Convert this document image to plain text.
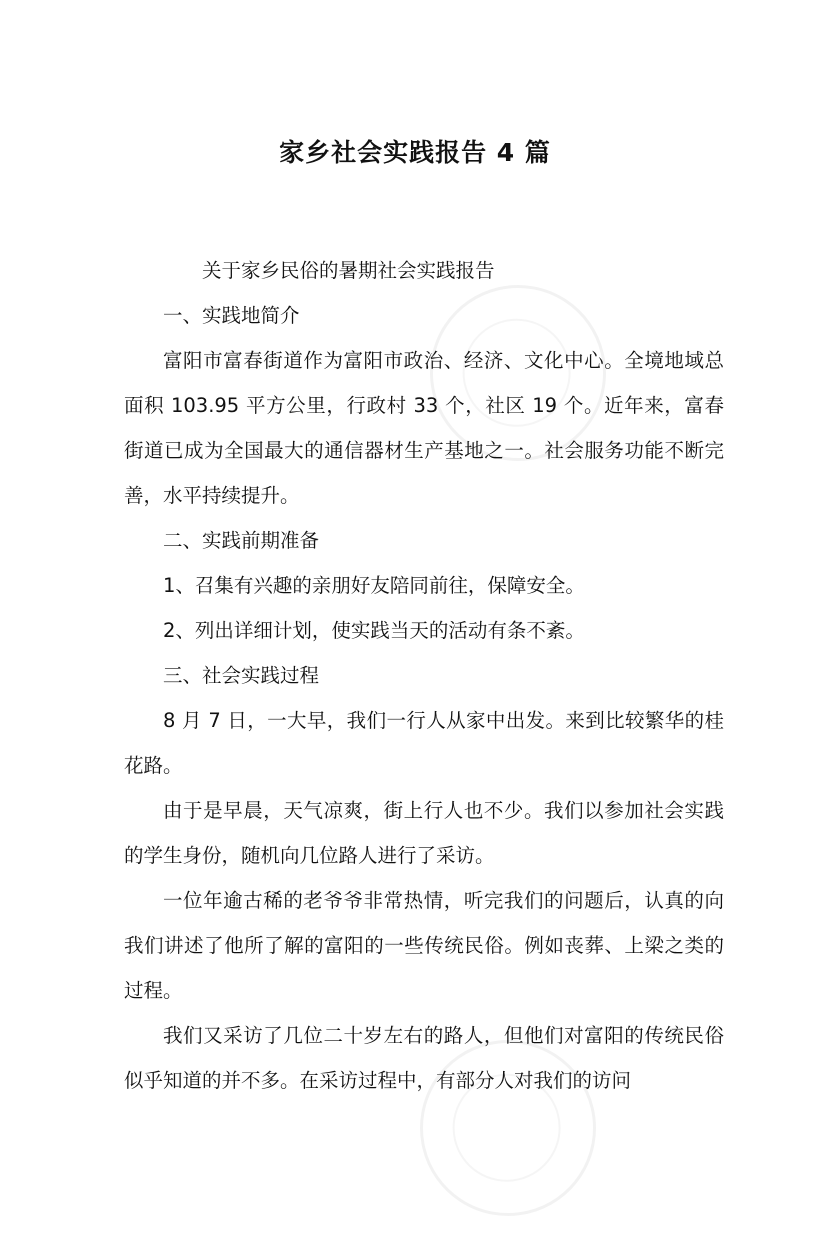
家乡社会实践报告 4 篇

关于家乡民俗的暑期社会实践报告

一、实践地简介

富阳市富春街道作为富阳市政治、经济、文化中心。全境地域总面积 103.95 平方公里，行政村 33 个，社区 19 个。近年来，富春街道已成为全国最大的通信器材生产基地之一。社会服务功能不断完善，水平持续提升。

二、实践前期准备

1、召集有兴趣的亲朋好友陪同前往，保障安全。

2、列出详细计划，使实践当天的活动有条不紊。

三、社会实践过程

8 月 7 日，一大早，我们一行人从家中出发。来到比较繁华的桂花路。

由于是早晨，天气凉爽，街上行人也不少。我们以参加社会实践的学生身份，随机向几位路人进行了采访。

一位年逾古稀的老爷爷非常热情，听完我们的问题后，认真的向我们讲述了他所了解的富阳的一些传统民俗。例如丧葬、上梁之类的过程。

我们又采访了几位二十岁左右的路人，但他们对富阳的传统民俗似乎知道的并不多。在采访过程中，有部分人对我们的访问
